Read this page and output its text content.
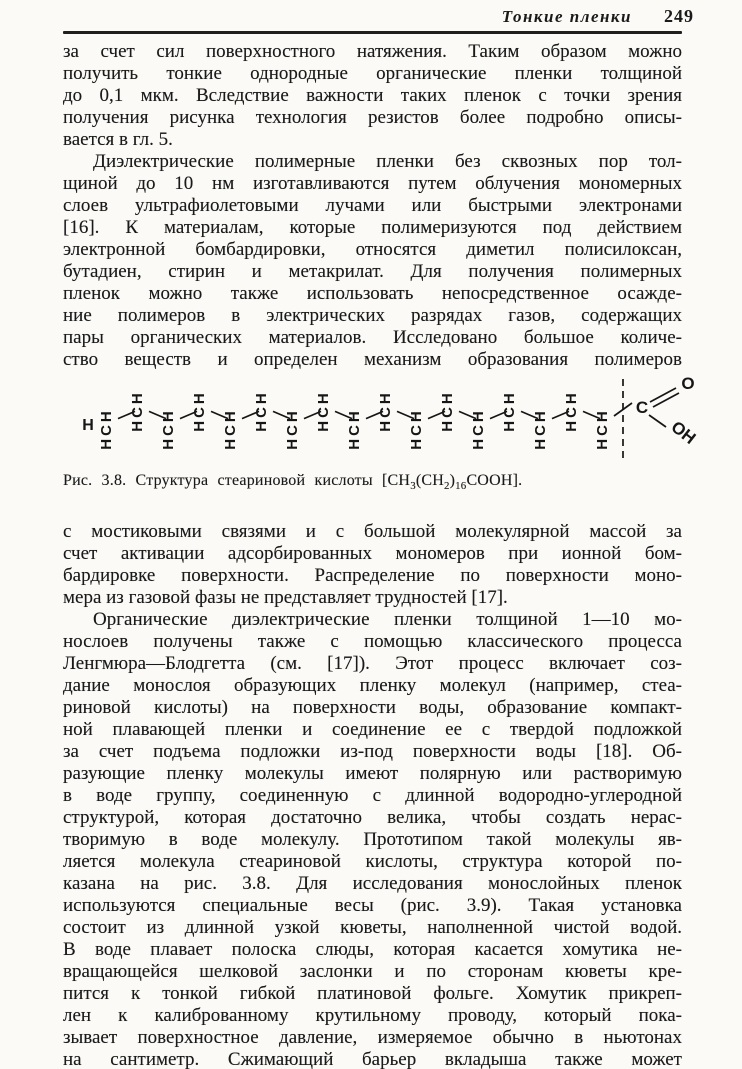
Тонкие пленки 249
за счет сил поверхностного натяжения. Таким образом можно
получить тонкие однородные органические пленки толщиной
до 0,1 мкм. Вследствие важности таких пленок с точки зрения
получения рисунка технология резистов более подробно описы-
вается в гл. 5.
Диэлектрические полимерные пленки без сквозных пор тол-
щиной до 10 нм изготавливаются путем облучения мономерных
слоев ультрафиолетовыми лучами или быстрыми электронами
[16]. К материалам, которые полимеризуются под действием
электронной бомбардировки, относятся диметил полисилоксан,
бутадиен, стирин и метакрилат. Для получения полимерных
пленок можно также использовать непосредственное осажде-
ние полимеров в электрических разрядах газов, содержащих
пары органических материалов. Исследовано большое количе-
ство веществ и определен механизм образования полимеров
H HCH HCH HCH HCH HCH HCH HCH HCH HCH HCH HCH HCH HCH HCH HCH HCH HCH
C
O
OH
Рис. 3.8. Структура стеариновой кислоты $[CH_3(CH_2)_{16}COOH]$.
с мостиковыми связями и с большой молекулярной массой за
счет активации адсорбированных мономеров при ионной бом-
бардировке поверхности. Распределение по поверхности моно-
мера из газовой фазы не представляет трудностей [17].
Органические диэлектрические пленки толщиной 1—10 мо-
нослоев получены также с помощью классического процесса
Ленгмюра—Блодгетта (см. [17]). Этот процесс включает соз-
дание монослоя образующих пленку молекул (например, стеа-
риновой кислоты) на поверхности воды, образование компакт-
ной плавающей пленки и соединение ее с твердой подложкой
за счет подъема подложки из-под поверхности воды [18]. Об-
разующие пленку молекулы имеют полярную или растворимую
в воде группу, соединенную с длинной водородно-углеродной
структурой, которая достаточно велика, чтобы создать нерас-
творимую в воде молекулу. Прототипом такой молекулы яв-
ляется молекула стеариновой кислоты, структура которой по-
казана на рис. 3.8. Для исследования монослойных пленок
используются специальные весы (рис. 3.9). Такая установка
состоит из длинной узкой кюветы, наполненной чистой водой.
В воде плавает полоска слюды, которая касается хомутика не-
вращающейся шелковой заслонки и по сторонам кюветы кре-
пится к тонкой гибкой платиновой фольге. Хомутик прикреп-
лен к калиброванному крутильному проводу, который пока-
зывает поверхностное давление, измеряемое обычно в ньютонах
на сантиметр. Сжимающий барьер вкладыша также может
